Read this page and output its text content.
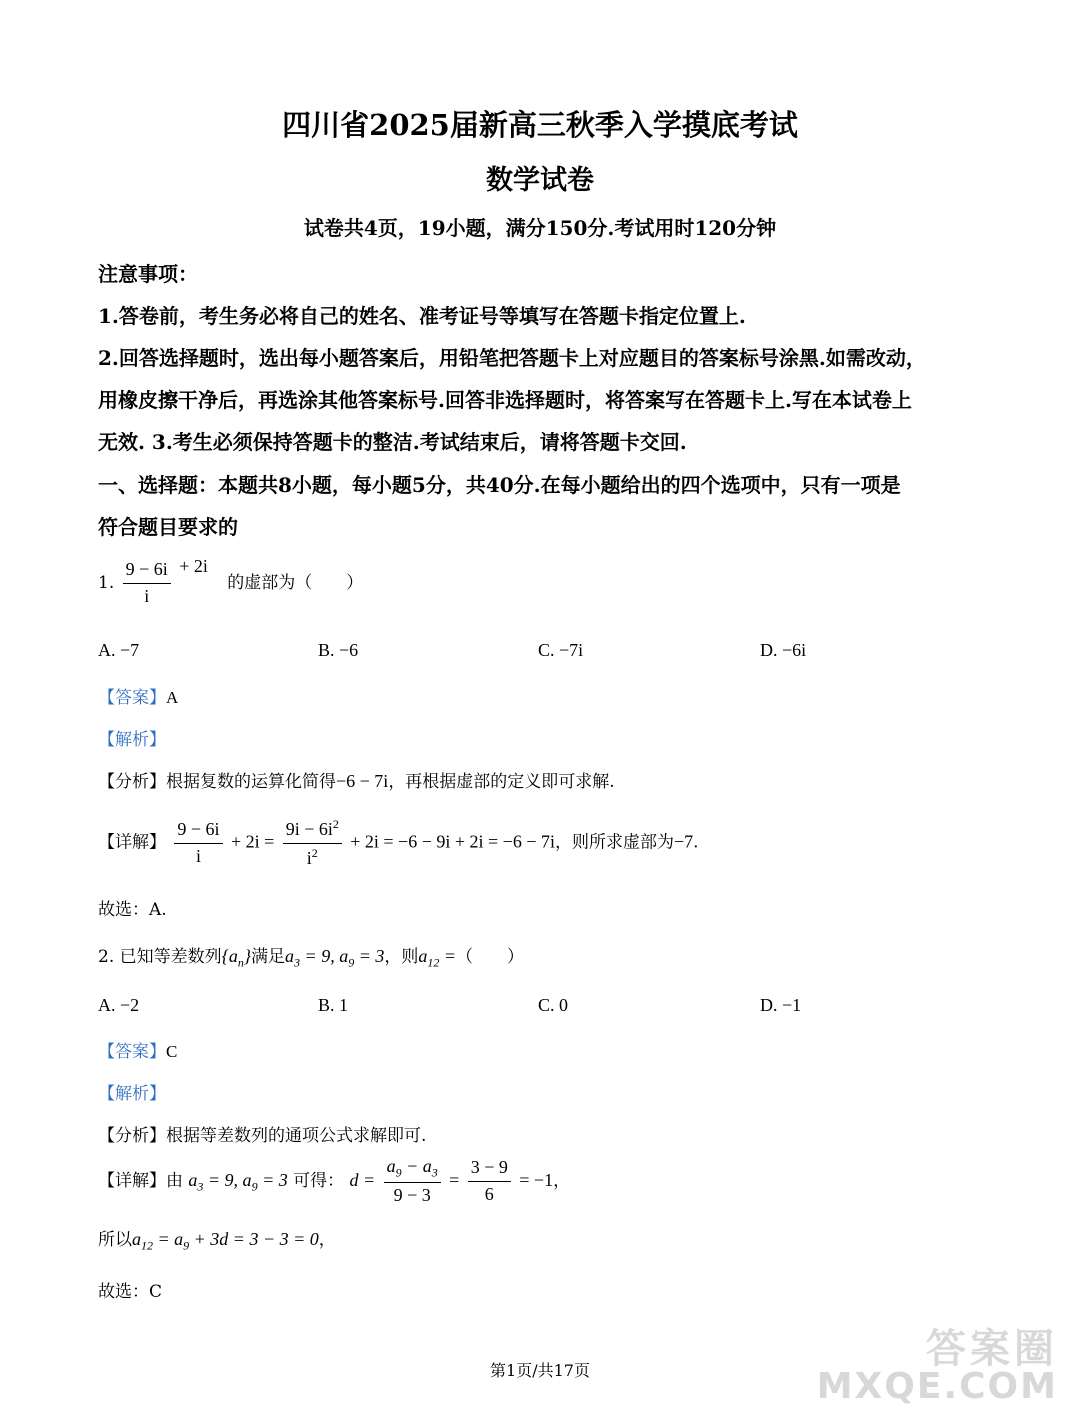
四川省2025届新高三秋季入学摸底考试
数学试卷
试卷共4页，19小题，满分150分.考试用时120分钟
注意事项：
1.答卷前，考生务必将自己的姓名、准考证号等填写在答题卡指定位置上.
2.回答选择题时，选出每小题答案后，用铅笔把答题卡上对应题目的答案标号涂黑.如需改动，
用橡皮擦干净后，再选涂其他答案标号.回答非选择题时，将答案写在答题卡上.写在本试卷上
无效. 3.考生必须保持答题卡的整洁.考试结束后，请将答题卡交回.
一、选择题：本题共8小题，每小题5分，共40分.在每小题给出的四个选项中，只有一项是
符合题目要求的
1. $\frac{9 - 6i}{i} + 2i$ 的虚部为（　　）
A. −7	B. −6	C. −7i	D. −6i
【答案】A
【解析】
【分析】根据复数的运算化简得−6 − 7i，再根据虚部的定义即可求解.
【详解】 $\frac{9 - 6i}{i} + 2i = \frac{9i - 6i^2}{i^2} + 2i = -6 - 9i + 2i = -6 - 7i$，则所求虚部为−7.
故选：A.
2. 已知等差数列$\{a_n\}$满足$a_3 = 9$, $a_9 = 3$，则$a_{12}$ =（　　）
A. −2	B. 1	C. 0	D. −1
【答案】C
【解析】
【分析】根据等差数列的通项公式求解即可.
【详解】由 $a_3 = 9$, $a_9 = 3$ 可得： $d = \frac{a_9 - a_3}{9 - 3} = \frac{3 - 9}{6} = -1$，
所以$a_{12} = a_9 + 3d = 3 - 3 = 0$，
故选：C
第1页/共17页	答案圈
MXQE.COM
